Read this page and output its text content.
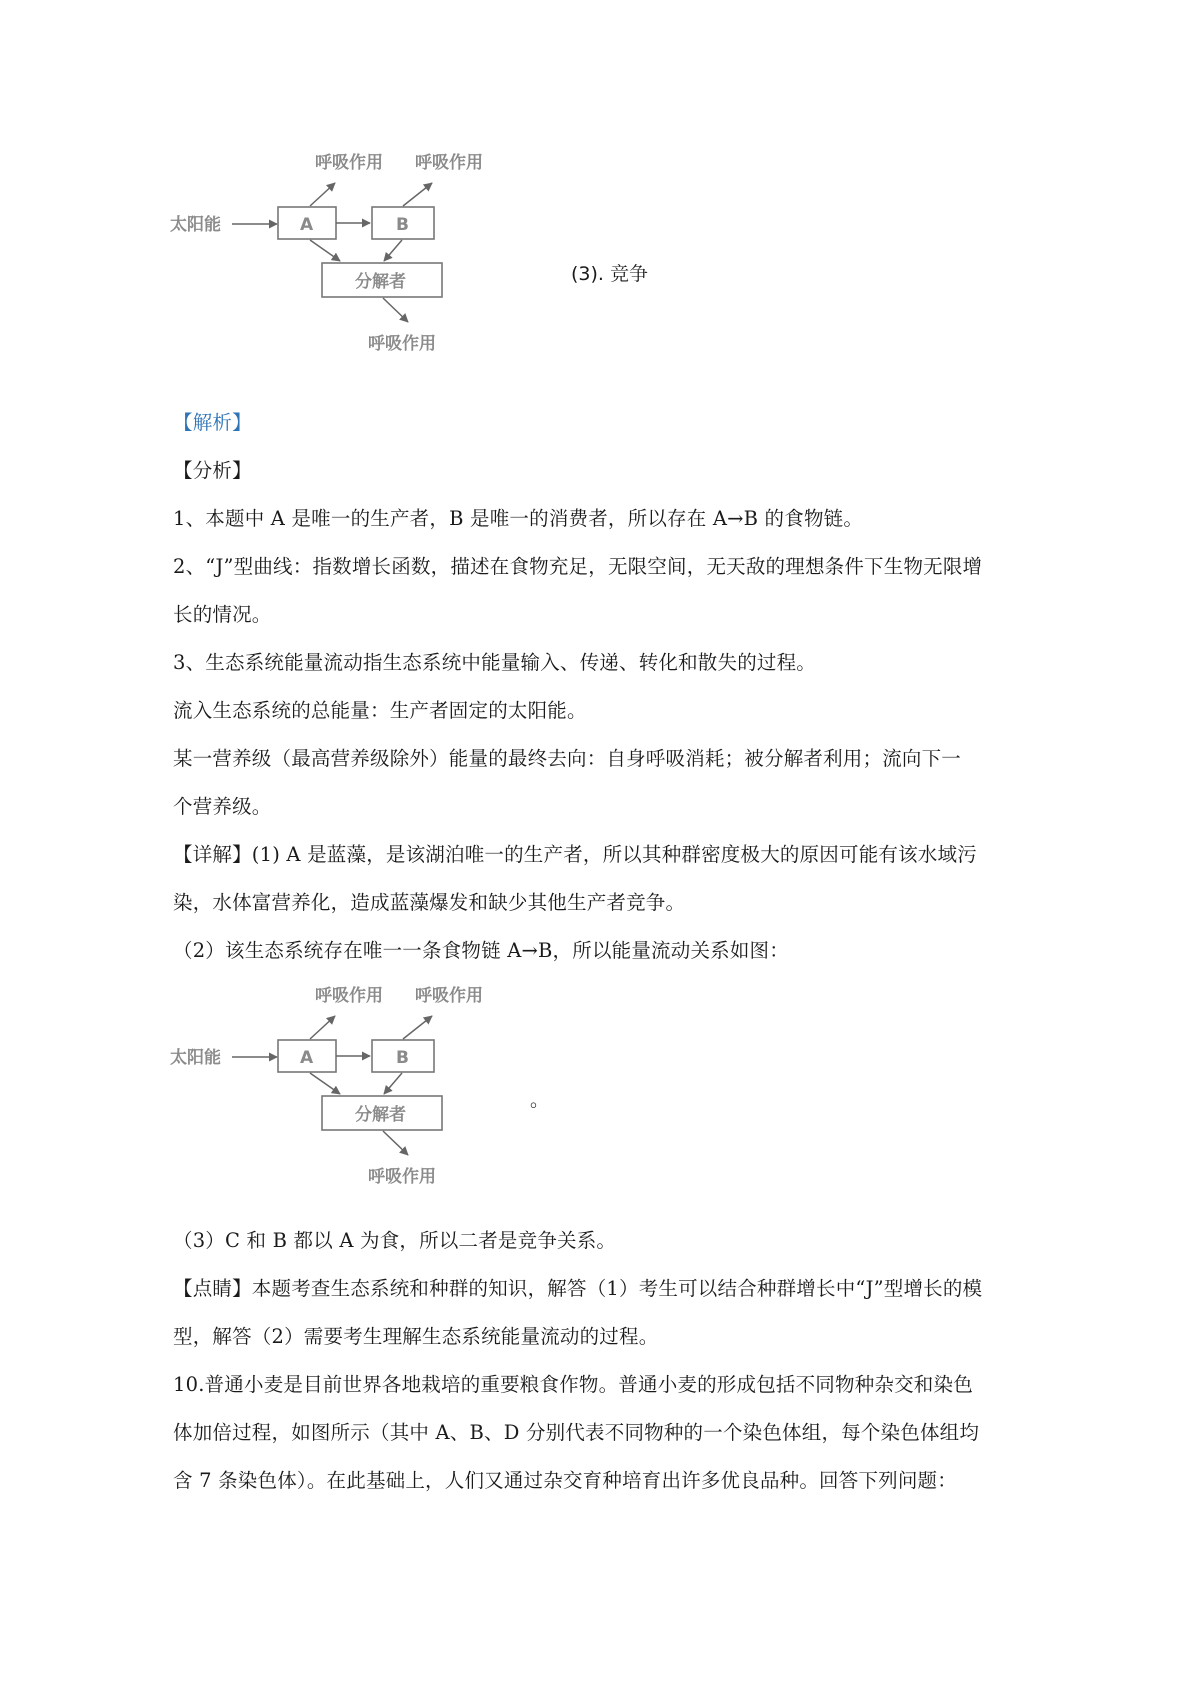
呼吸作用 呼吸作用
太阳能	A	B
分解者
呼吸作用
(3). 竞争
【解析】
【分析】
1、本题中 A 是唯一的生产者，B 是唯一的消费者，所以存在 A→B 的食物链。
2、“J”型曲线：指数增长函数，描述在食物充足，无限空间，无天敌的理想条件下生物无限增
长的情况。
3、生态系统能量流动指生态系统中能量输入、传递、转化和散失的过程。
流入生态系统的总能量：生产者固定的太阳能。
某一营养级（最高营养级除外）能量的最终去向：自身呼吸消耗；被分解者利用；流向下一
个营养级。
【详解】(1) A 是蓝藻，是该湖泊唯一的生产者，所以其种群密度极大的原因可能有该水域污
染，水体富营养化，造成蓝藻爆发和缺少其他生产者竞争。
（2）该生态系统存在唯一一条食物链 A→B，所以能量流动关系如图：
呼吸作用 呼吸作用
太阳能	A	B
分解者
呼吸作用
。
（3）C 和 B 都以 A 为食，所以二者是竞争关系。
【点睛】本题考查生态系统和种群的知识，解答（1）考生可以结合种群增长中“J”型增长的模
型，解答（2）需要考生理解生态系统能量流动的过程。
10.普通小麦是目前世界各地栽培的重要粮食作物。普通小麦的形成包括不同物种杂交和染色
体加倍过程，如图所示（其中 A、B、D 分别代表不同物种的一个染色体组，每个染色体组均
含 7 条染色体）。在此基础上，人们又通过杂交育种培育出许多优良品种。回答下列问题：
